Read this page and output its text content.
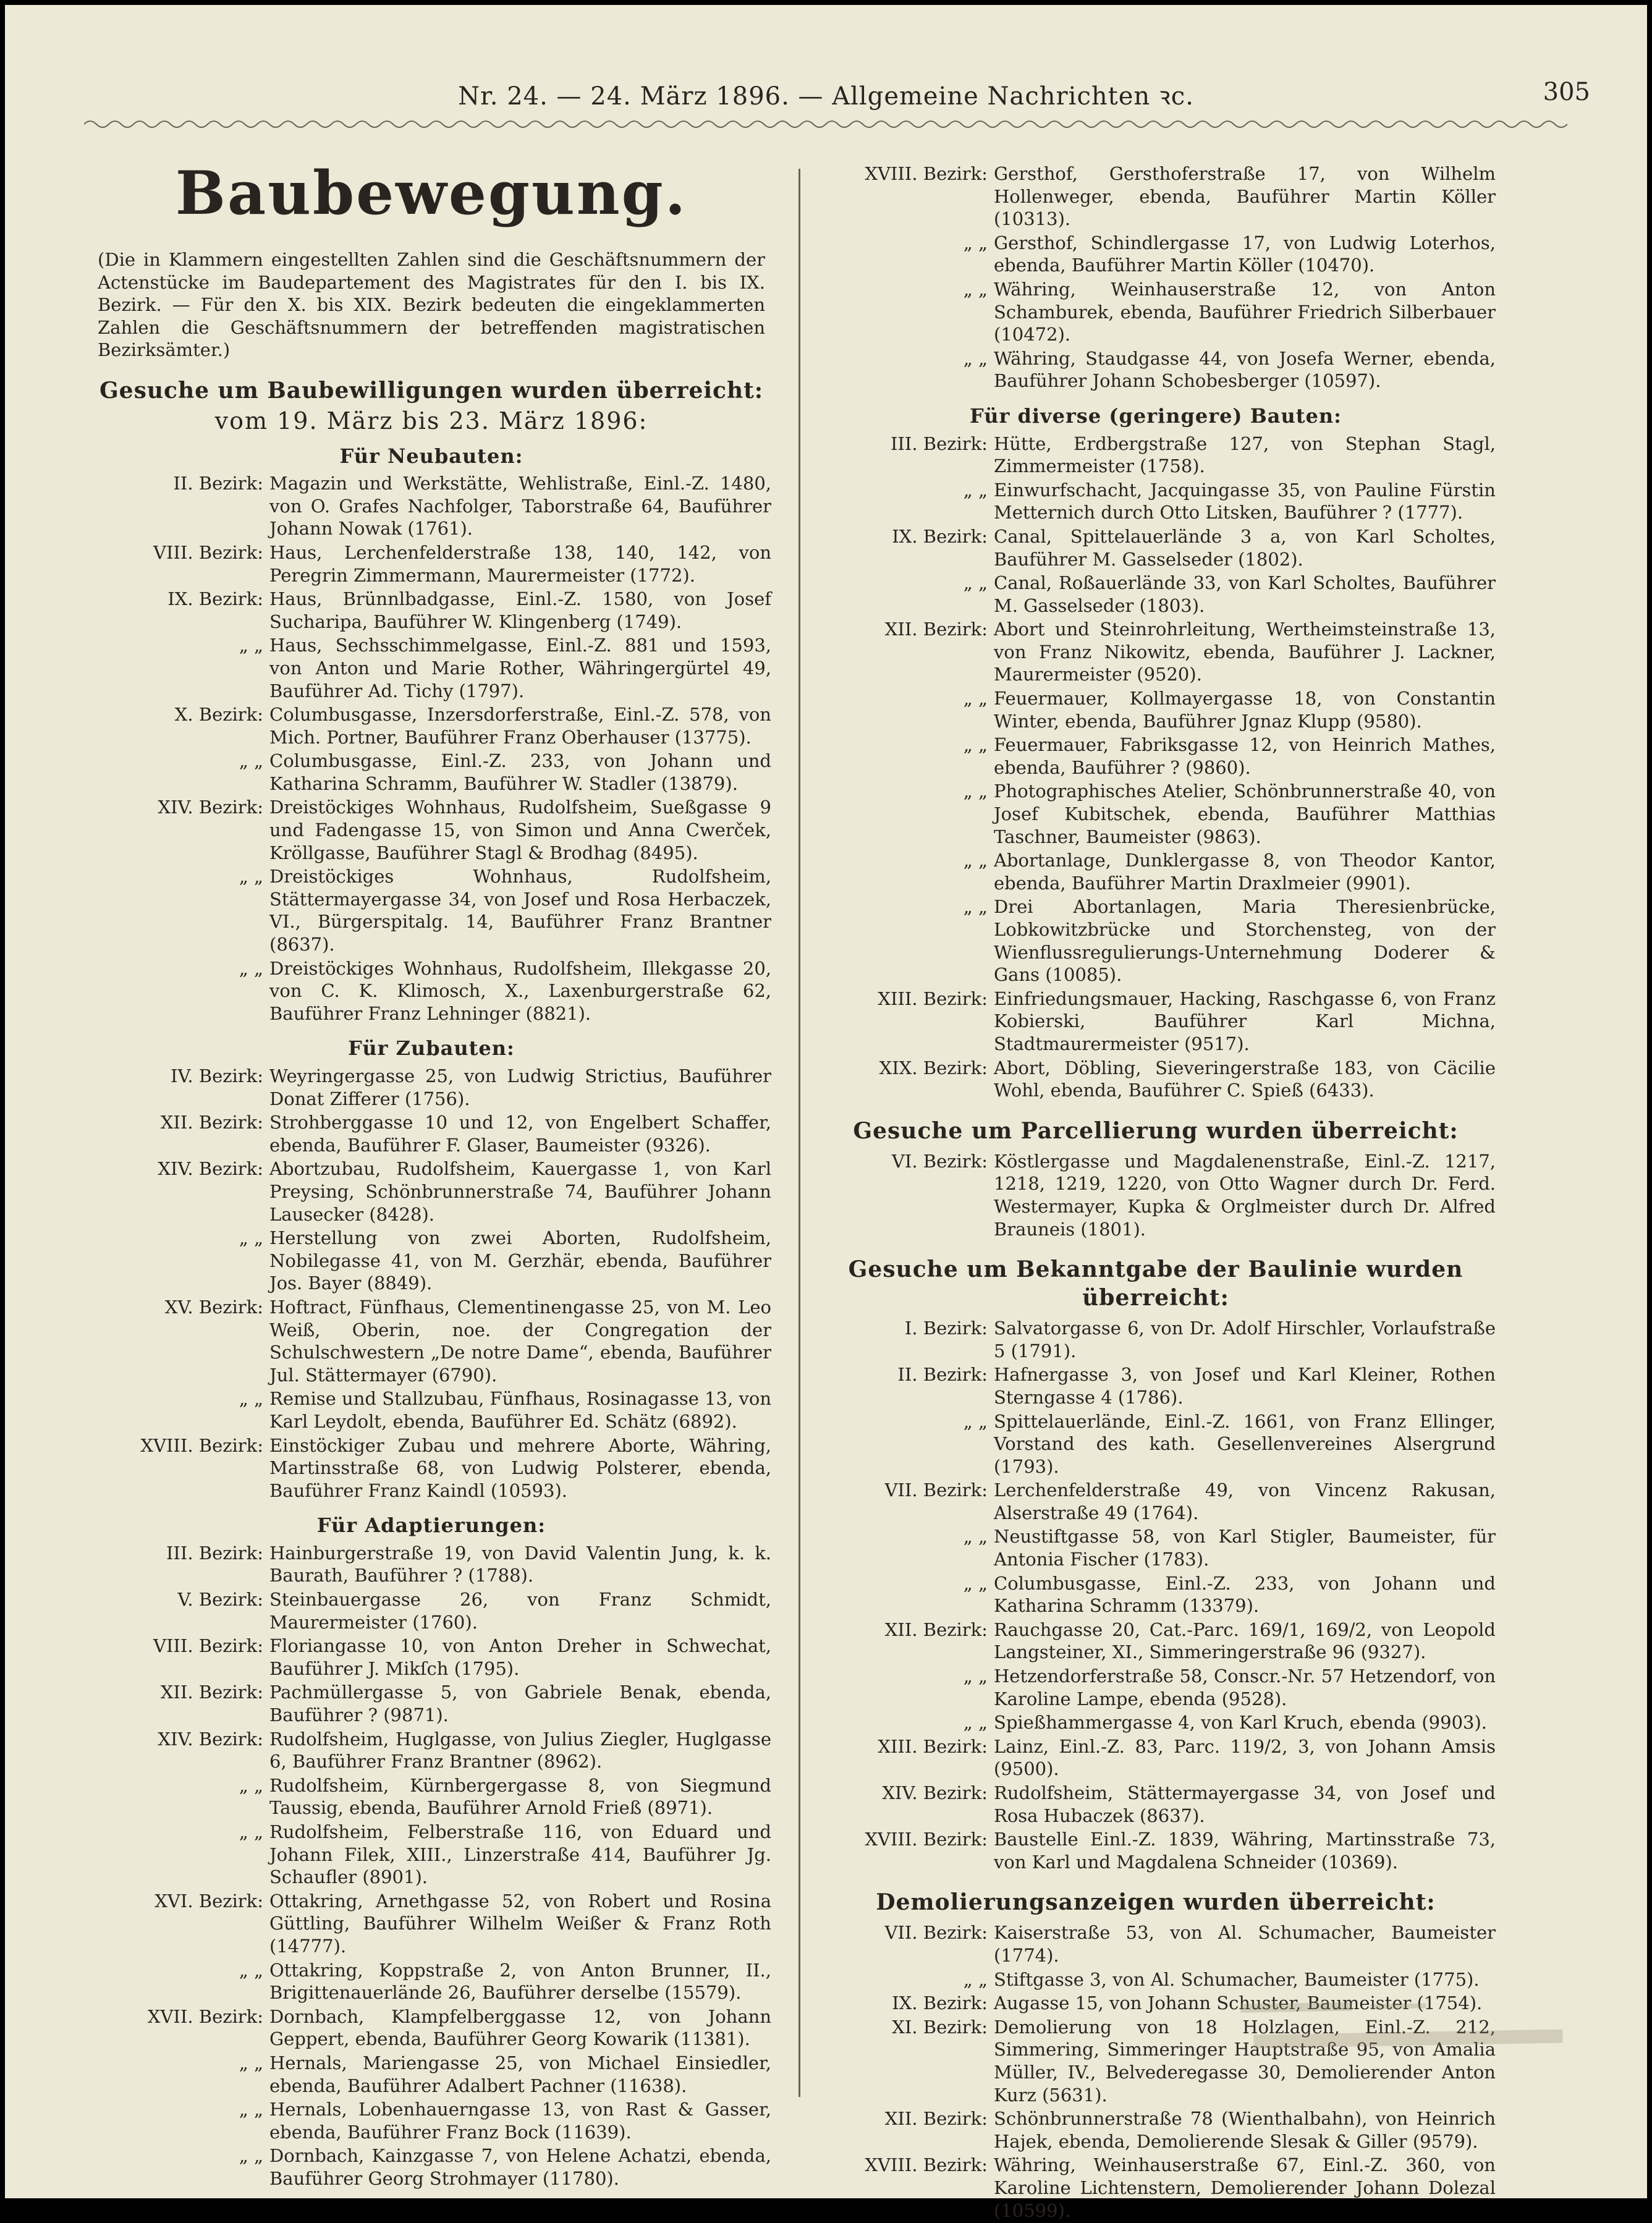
Nr. 24. — 24. März 1896. — Allgemeine Nachrichten ꝛc.	305
Baubewegung.
(Die in Klammern eingestellten Zahlen sind die Geschäftsnummern der Actenstücke im Baudepartement des Magistrates für den I. bis IX. Bezirk. — Für den X. bis XIX. Bezirk bedeuten die eingeklammerten Zahlen die Geschäftsnummern der betreffenden magistratischen Bezirksämter.)
Gesuche um Baubewilligungen wurden überreicht:
vom 19. März bis 23. März 1896:
Für Neubauten:
II. Bezirk: Magazin und Werkstätte, Wehlistraße, Einl.-Z. 1480, von O. Grafes Nachfolger, Taborstraße 64, Bauführer Johann Nowak (1761).
VIII. Bezirk: Haus, Lerchenfelderstraße 138, 140, 142, von Peregrin Zimmermann, Maurermeister (1772).
IX. Bezirk: Haus, Brünnlbadgasse, Einl.-Z. 1580, von Josef Sucharipa, Bauführer W. Klingenberg (1749).
„ „ Haus, Sechsschimmelgasse, Einl.-Z. 881 und 1593, von Anton und Marie Rother, Währingergürtel 49, Bauführer Ad. Tichy (1797).
X. Bezirk: Columbusgasse, Inzersdorferstraße, Einl.-Z. 578, von Mich. Portner, Bauführer Franz Oberhauser (13775).
„ „ Columbusgasse, Einl.-Z. 233, von Johann und Katharina Schramm, Bauführer W. Stadler (13879).
XIV. Bezirk: Dreistöckiges Wohnhaus, Rudolfsheim, Sueßgasse 9 und Fadengasse 15, von Simon und Anna Cwerček, Kröllgasse, Bauführer Stagl & Brodhag (8495).
„ „ Dreistöckiges Wohnhaus, Rudolfsheim, Stättermayergasse 34, von Josef und Rosa Herbaczek, VI., Bürgerspitalg. 14, Bauführer Franz Brantner (8637).
„ „ Dreistöckiges Wohnhaus, Rudolfsheim, Illekgasse 20, von C. K. Klimosch, X., Laxenburgerstraße 62, Bauführer Franz Lehninger (8821).
Für Zubauten:
IV. Bezirk: Weyringergasse 25, von Ludwig Strictius, Bauführer Donat Zifferer (1756).
XII. Bezirk: Strohberggasse 10 und 12, von Engelbert Schaffer, ebenda, Bauführer F. Glaser, Baumeister (9326).
XIV. Bezirk: Abortzubau, Rudolfsheim, Kauergasse 1, von Karl Preysing, Schönbrunnerstraße 74, Bauführer Johann Lausecker (8428).
„ „ Herstellung von zwei Aborten, Rudolfsheim, Nobilegasse 41, von M. Gerzhär, ebenda, Bauführer Jos. Bayer (8849).
XV. Bezirk: Hoftract, Fünfhaus, Clementinengasse 25, von M. Leo Weiß, Oberin, noe. der Congregation der Schulschwestern „De notre Dame“, ebenda, Bauführer Jul. Stättermayer (6790).
„ „ Remise und Stallzubau, Fünfhaus, Rosinagasse 13, von Karl Leydolt, ebenda, Bauführer Ed. Schätz (6892).
XVIII. Bezirk: Einstöckiger Zubau und mehrere Aborte, Währing, Martinsstraße 68, von Ludwig Polsterer, ebenda, Bauführer Franz Kaindl (10593).
Für Adaptierungen:
III. Bezirk: Hainburgerstraße 19, von David Valentin Jung, k. k. Baurath, Bauführer ? (1788).
V. Bezirk: Steinbauergasse 26, von Franz Schmidt, Maurermeister (1760).
VIII. Bezirk: Floriangasse 10, von Anton Dreher in Schwechat, Bauführer J. Mikſch (1795).
XII. Bezirk: Pachmüllergasse 5, von Gabriele Benak, ebenda, Bauführer ? (9871).
XIV. Bezirk: Rudolfsheim, Huglgasse, von Julius Ziegler, Huglgasse 6, Bauführer Franz Brantner (8962).
„ „ Rudolfsheim, Kürnbergergasse 8, von Siegmund Taussig, ebenda, Bauführer Arnold Frieß (8971).
„ „ Rudolfsheim, Felberstraße 116, von Eduard und Johann Filek, XIII., Linzerstraße 414, Bauführer Jg. Schaufler (8901).
XVI. Bezirk: Ottakring, Arnethgasse 52, von Robert und Rosina Güttling, Bauführer Wilhelm Weißer & Franz Roth (14777).
„ „ Ottakring, Koppstraße 2, von Anton Brunner, II., Brigittenauerlände 26, Bauführer derselbe (15579).
XVII. Bezirk: Dornbach, Klampfelberggasse 12, von Johann Geppert, ebenda, Bauführer Georg Kowarik (11381).
„ „ Hernals, Mariengasse 25, von Michael Einsiedler, ebenda, Bauführer Adalbert Pachner (11638).
„ „ Hernals, Lobenhauerngasse 13, von Rast & Gasser, ebenda, Bauführer Franz Bock (11639).
„ „ Dornbach, Kainzgasse 7, von Helene Achatzi, ebenda, Bauführer Georg Strohmayer (11780).
XVIII. Bezirk: Gersthof, Gersthoferstraße 17, von Wilhelm Hollenweger, ebenda, Bauführer Martin Köller (10313).
„ „ Gersthof, Schindlergasse 17, von Ludwig Loterhos, ebenda, Bauführer Martin Köller (10470).
„ „ Währing, Weinhauserstraße 12, von Anton Schamburek, ebenda, Bauführer Friedrich Silberbauer (10472).
„ „ Währing, Staudgasse 44, von Josefa Werner, ebenda, Bauführer Johann Schobesberger (10597).
Für diverse (geringere) Bauten:
III. Bezirk: Hütte, Erdbergstraße 127, von Stephan Stagl, Zimmermeister (1758).
„ „ Einwurfschacht, Jacquingasse 35, von Pauline Fürstin Metternich durch Otto Litsken, Bauführer ? (1777).
IX. Bezirk: Canal, Spittelauerlände 3 a, von Karl Scholtes, Bauführer M. Gasselseder (1802).
„ „ Canal, Roßauerlände 33, von Karl Scholtes, Bauführer M. Gasselseder (1803).
XII. Bezirk: Abort und Steinrohrleitung, Wertheimsteinstraße 13, von Franz Nikowitz, ebenda, Bauführer J. Lackner, Maurermeister (9520).
„ „ Feuermauer, Kollmayergasse 18, von Constantin Winter, ebenda, Bauführer Jgnaz Klupp (9580).
„ „ Feuermauer, Fabriksgasse 12, von Heinrich Mathes, ebenda, Bauführer ? (9860).
„ „ Photographisches Atelier, Schönbrunnerstraße 40, von Josef Kubitschek, ebenda, Bauführer Matthias Taschner, Baumeister (9863).
„ „ Abortanlage, Dunklergasse 8, von Theodor Kantor, ebenda, Bauführer Martin Draxlmeier (9901).
„ „ Drei Abortanlagen, Maria Theresienbrücke, Lobkowitzbrücke und Storchensteg, von der Wienflussregulierungs-Unternehmung Doderer & Gans (10085).
XIII. Bezirk: Einfriedungsmauer, Hacking, Raschgasse 6, von Franz Kobierski, Bauführer Karl Michna, Stadtmaurermeister (9517).
XIX. Bezirk: Abort, Döbling, Sieveringerstraße 183, von Cäcilie Wohl, ebenda, Bauführer C. Spieß (6433).
Gesuche um Parcellierung wurden überreicht:
VI. Bezirk: Köstlergasse und Magdalenenstraße, Einl.-Z. 1217, 1218, 1219, 1220, von Otto Wagner durch Dr. Ferd. Westermayer, Kupka & Orglmeister durch Dr. Alfred Brauneis (1801).
Gesuche um Bekanntgabe der Baulinie wurden überreicht:
I. Bezirk: Salvatorgasse 6, von Dr. Adolf Hirschler, Vorlaufstraße 5 (1791).
II. Bezirk: Hafnergasse 3, von Josef und Karl Kleiner, Rothen Sterngasse 4 (1786).
„ „ Spittelauerlände, Einl.-Z. 1661, von Franz Ellinger, Vorstand des kath. Gesellenvereines Alsergrund (1793).
VII. Bezirk: Lerchenfelderstraße 49, von Vincenz Rakusan, Alserstraße 49 (1764).
„ „ Neustiftgasse 58, von Karl Stigler, Baumeister, für Antonia Fischer (1783).
„ „ Columbusgasse, Einl.-Z. 233, von Johann und Katharina Schramm (13379).
XII. Bezirk: Rauchgasse 20, Cat.-Parc. 169/1, 169/2, von Leopold Langsteiner, XI., Simmeringerstraße 96 (9327).
„ „ Hetzendorferstraße 58, Conscr.-Nr. 57 Hetzendorf, von Karoline Lampe, ebenda (9528).
„ „ Spießhammergasse 4, von Karl Kruch, ebenda (9903).
XIII. Bezirk: Lainz, Einl.-Z. 83, Parc. 119/2, 3, von Johann Amsis (9500).
XIV. Bezirk: Rudolfsheim, Stättermayergasse 34, von Josef und Rosa Hubaczek (8637).
XVIII. Bezirk: Baustelle Einl.-Z. 1839, Währing, Martinsstraße 73, von Karl und Magdalena Schneider (10369).
Demolierungsanzeigen wurden überreicht:
VII. Bezirk: Kaiserstraße 53, von Al. Schumacher, Baumeister (1774).
„ „ Stiftgasse 3, von Al. Schumacher, Baumeister (1775).
IX. Bezirk: Augasse 15, von Johann Schuster, Baumeister (1754).
XI. Bezirk: Demolierung von 18 Holzlagen, Einl.-Z. 212, Simmering, Simmeringer Hauptstraße 95, von Amalia Müller, IV., Belvederegasse 30, Demolierender Anton Kurz (5631).
XII. Bezirk: Schönbrunnerstraße 78 (Wienthalbahn), von Heinrich Hajek, ebenda, Demolierende Slesak & Giller (9579).
XVIII. Bezirk: Währing, Weinhauserstraße 67, Einl.-Z. 360, von Karoline Lichtenstern, Demolierender Johann Dolezal (10599).
